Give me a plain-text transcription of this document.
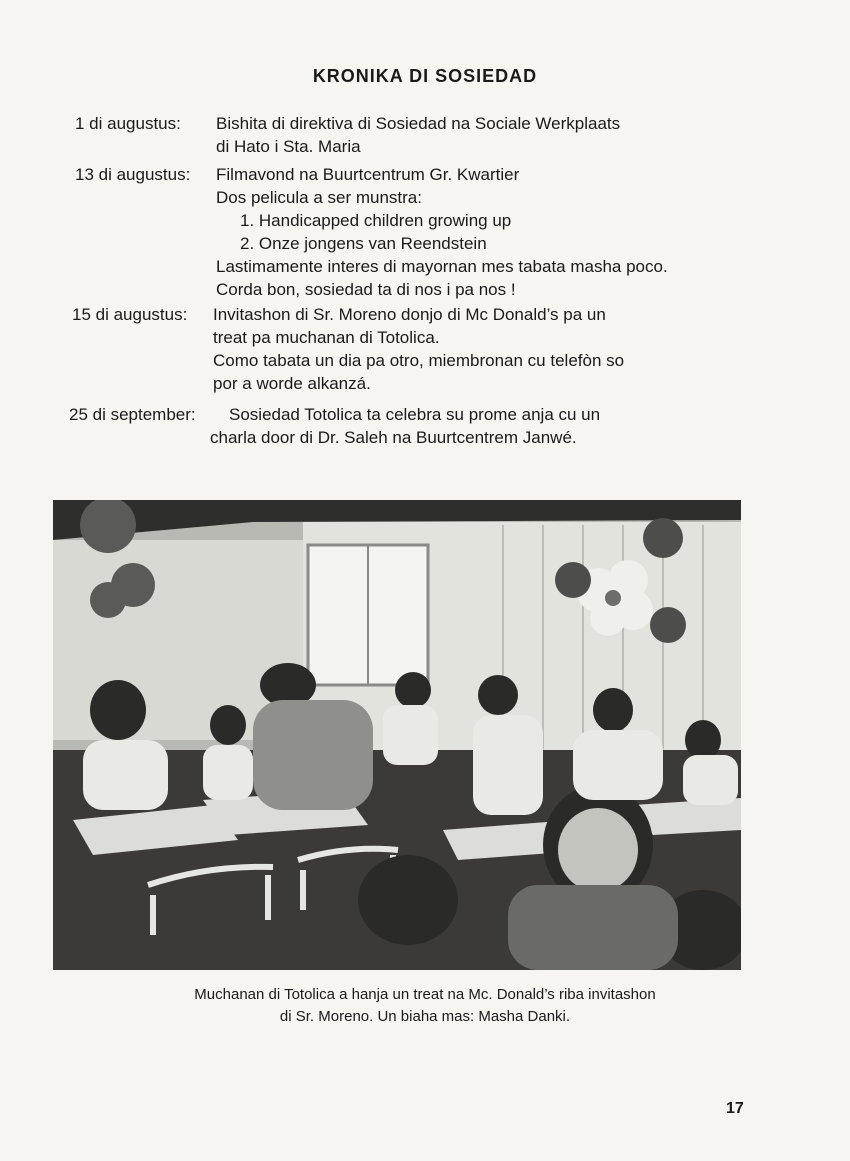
KRONIKA DI SOSIEDAD
1 di augustus: Bishita di direktiva di Sosiedad na Sociale Werkplaats
di Hato i Sta. Maria
13 di augustus: Filmavond na Buurtcentrum Gr. Kwartier
Dos pelicula a ser munstra:
1. Handicapped children growing up
2. Onze jongens van Reendstein
Lastimamente interes di mayornan mes tabata masha poco.
Corda bon, sosiedad ta di nos i pa nos !
15 di augustus: Invitashon di Sr. Moreno donjo di Mc Donald’s pa un
treat pa muchanan di Totolica.
Como tabata un dia pa otro, miembronan cu telefòn so
por a worde alkanzá.
25 di september: Sosiedad Totolica ta celebra su prome anja cu un
charla door di Dr. Saleh na Buurtcentrem Janwé.
Muchanan di Totolica a hanja un treat na Mc. Donald’s riba invitashon
di Sr. Moreno. Un biaha mas: Masha Danki.
17
